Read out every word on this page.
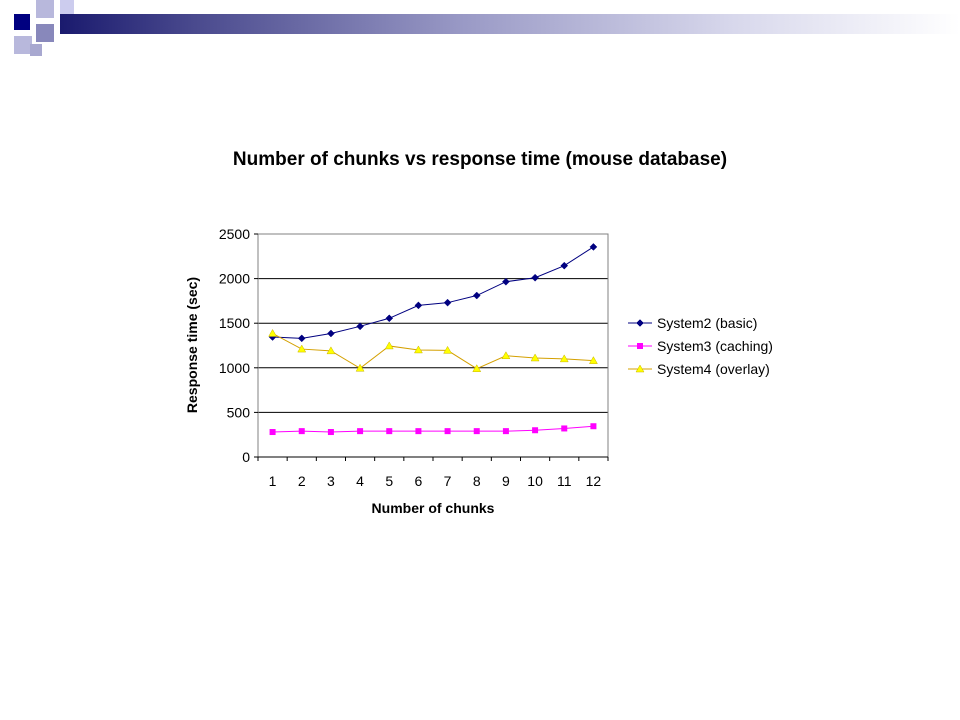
Number of chunks vs response time (mouse database)
0
500
1000
1500
2000
2500
1 2 3 4 5 6 7 8 9 10 11 12
Number of chunks
Response time (sec)	System2 (basic)
System3 (caching)
System4 (overlay)
